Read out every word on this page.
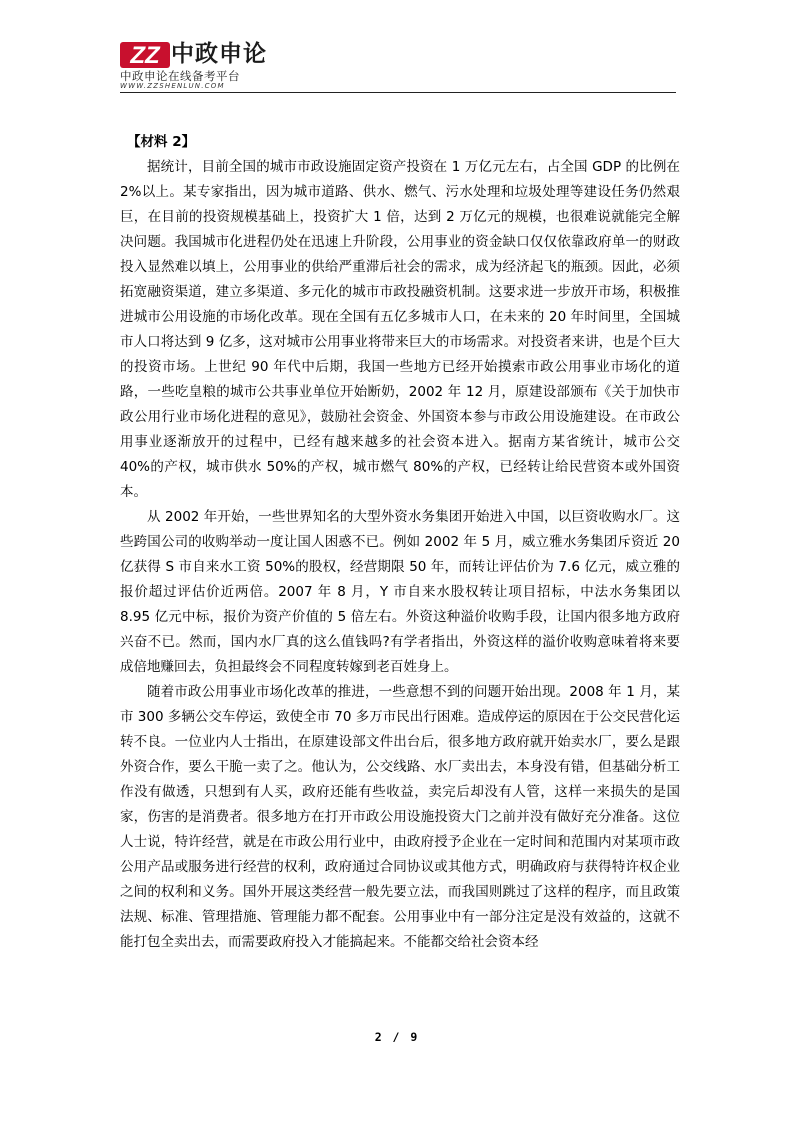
ZZ 中政申论
中政申论在线备考平台
WWW.ZZSHENLUN.COM
【材料 2】

据统计，目前全国的城市市政设施固定资产投资在 1 万亿元左右，占全国 GDP 的比例在 2%以上。某专家指出，因为城市道路、供水、燃气、污水处理和垃圾处理等建设任务仍然艰巨，在目前的投资规模基础上，投资扩大 1 倍，达到 2 万亿元的规模，也很难说就能完全解决问题。我国城市化进程仍处在迅速上升阶段，公用事业的资金缺口仅仅依靠政府单一的财政投入显然难以填上，公用事业的供给严重滞后社会的需求，成为经济起飞的瓶颈。因此，必须拓宽融资渠道，建立多渠道、多元化的城市市政投融资机制。这要求进一步放开市场，积极推进城市公用设施的市场化改革。现在全国有五亿多城市人口，在未来的 20 年时间里，全国城市人口将达到 9 亿多，这对城市公用事业将带来巨大的市场需求。对投资者来讲，也是个巨大的投资市场。上世纪 90 年代中后期，我国一些地方已经开始摸索市政公用事业市场化的道路，一些吃皇粮的城市公共事业单位开始断奶，2002 年 12 月，原建设部颁布《关于加快市政公用行业市场化进程的意见》，鼓励社会资金、外国资本参与市政公用设施建设。在市政公用事业逐渐放开的过程中，已经有越来越多的社会资本进入。据南方某省统计，城市公交 40%的产权，城市供水 50%的产权，城市燃气 80%的产权，已经转让给民营资本或外国资本。

从 2002 年开始，一些世界知名的大型外资水务集团开始进入中国，以巨资收购水厂。这些跨国公司的收购举动一度让国人困惑不已。例如 2002 年 5 月，威立雅水务集团斥资近 20 亿获得 S 市自来水工资 50%的股权，经营期限 50 年，而转让评估价为 7.6 亿元，威立雅的报价超过评估价近两倍。2007 年 8 月，Y 市自来水股权转让项目招标，中法水务集团以 8.95 亿元中标，报价为资产价值的 5 倍左右。外资这种溢价收购手段，让国内很多地方政府兴奋不已。然而，国内水厂真的这么值钱吗?有学者指出，外资这样的溢价收购意味着将来要成倍地赚回去，负担最终会不同程度转嫁到老百姓身上。

随着市政公用事业市场化改革的推进，一些意想不到的问题开始出现。2008 年 1 月，某市 300 多辆公交车停运，致使全市 70 多万市民出行困难。造成停运的原因在于公交民营化运转不良。一位业内人士指出，在原建设部文件出台后，很多地方政府就开始卖水厂，要么是跟外资合作，要么干脆一卖了之。他认为，公交线路、水厂卖出去，本身没有错，但基础分析工作没有做透，只想到有人买，政府还能有些收益，卖完后却没有人管，这样一来损失的是国家，伤害的是消费者。很多地方在打开市政公用设施投资大门之前并没有做好充分准备。这位人士说，特许经营，就是在市政公用行业中，由政府授予企业在一定时间和范围内对某项市政公用产品或服务进行经营的权利，政府通过合同协议或其他方式，明确政府与获得特许权企业之间的权利和义务。国外开展这类经营一般先要立法，而我国则跳过了这样的程序，而且政策法规、标准、管理措施、管理能力都不配套。公用事业中有一部分注定是没有效益的，这就不能打包全卖出去，而需要政府投入才能搞起来。不能都交给社会资本经

2 / 9
